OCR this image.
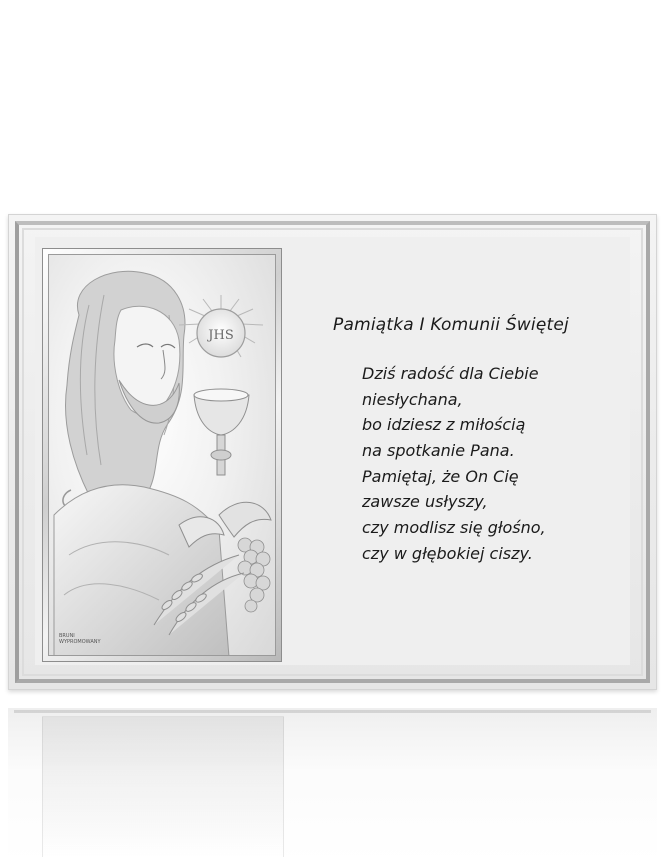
JHS
BRUNI
WYPROMOWANY
Pamiątka I Komunii Świętej
Dziś radość dla Ciebie
niesłychana,
bo idziesz z miłością
na spotkanie Pana.
Pamiętaj, że On Cię
zawsze usłyszy,
czy modlisz się głośno,
czy w głębokiej ciszy.
